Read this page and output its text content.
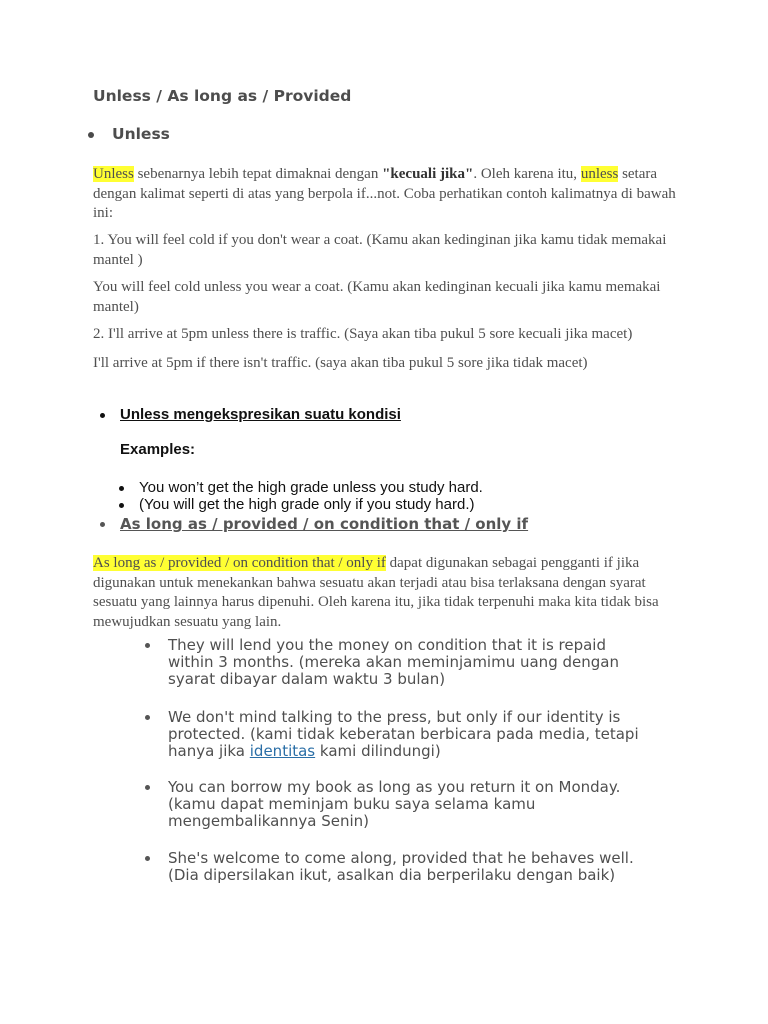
Unless / As long as / Provided
Unless
Unless sebenarnya lebih tepat dimaknai dengan "kecuali jika". Oleh karena itu, unless setara dengan kalimat seperti di atas yang berpola if...not. Coba perhatikan contoh kalimatnya di bawah ini:
1. You will feel cold if you don't wear a coat. (Kamu akan kedinginan jika kamu tidak memakai mantel )
You will feel cold unless you wear a coat. (Kamu akan kedinginan kecuali jika kamu memakai mantel)
2. I'll arrive at 5pm unless there is traffic. (Saya akan tiba pukul 5 sore kecuali jika macet)
I'll arrive at 5pm if there isn't traffic. (saya akan tiba pukul 5 sore jika tidak macet)
Unless mengekspresikan suatu kondisi
Examples:
You won’t get the high grade unless you study hard.
(You will get the high grade only if you study hard.)
As long as / provided / on condition that / only if
As long as / provided / on condition that / only if dapat digunakan sebagai pengganti if jika digunakan untuk menekankan bahwa sesuatu akan terjadi atau bisa terlaksana dengan syarat sesuatu yang lainnya harus dipenuhi. Oleh karena itu, jika tidak terpenuhi maka kita tidak bisa mewujudkan sesuatu yang lain.
They will lend you the money on condition that it is repaid within 3 months. (mereka akan meminjamimu uang dengan syarat dibayar dalam waktu 3 bulan)
We don't mind talking to the press, but only if our identity is protected. (kami tidak keberatan berbicara pada media, tetapi hanya jika identitas kami dilindungi)
You can borrow my book as long as you return it on Monday. (kamu dapat meminjam buku saya selama kamu mengembalikannya Senin)
She's welcome to come along, provided that he behaves well. (Dia dipersilakan ikut, asalkan dia berperilaku dengan baik)
